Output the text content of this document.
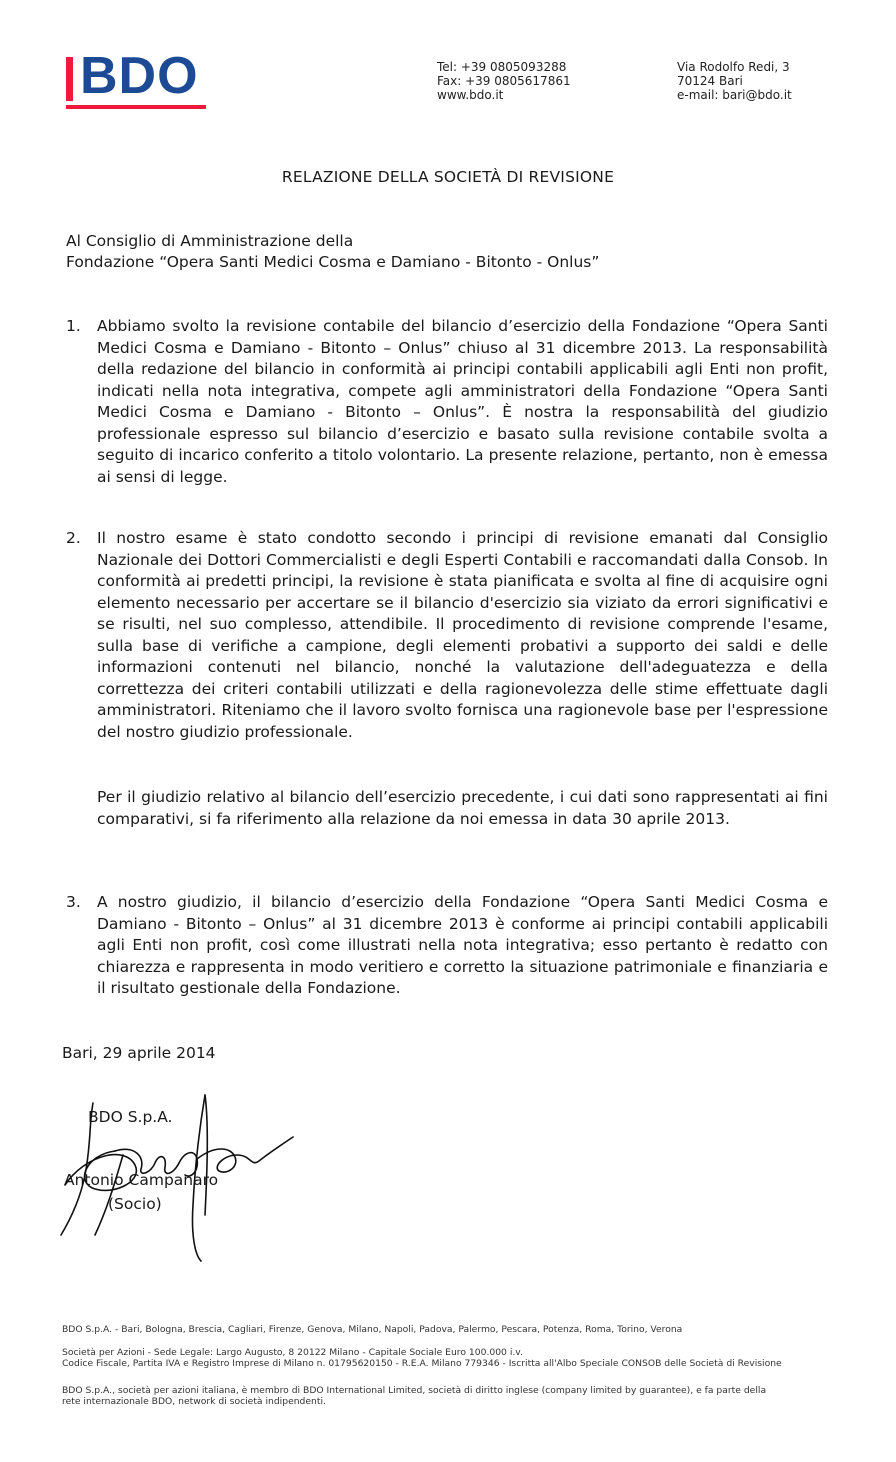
BDO	Tel: +39 0805093288
Fax: +39 0805617861
www.bdo.it
Via Rodolfo Redi, 3
70124 Bari
e-mail: bari@bdo.it
RELAZIONE DELLA SOCIETÀ DI REVISIONE
Al Consiglio di Amministrazione della
Fondazione “Opera Santi Medici Cosma e Damiano - Bitonto - Onlus”
1. Abbiamo svolto la revisione contabile del bilancio d’esercizio della Fondazione “Opera Santi Medici Cosma e Damiano - Bitonto – Onlus” chiuso al 31 dicembre 2013. La responsabilità della redazione del bilancio in conformità ai principi contabili applicabili agli Enti non profit, indicati nella nota integrativa, compete agli amministratori della Fondazione “Opera Santi Medici Cosma e Damiano - Bitonto – Onlus”. È nostra la responsabilità del giudizio professionale espresso sul bilancio d’esercizio e basato sulla revisione contabile svolta a seguito di incarico conferito a titolo volontario. La presente relazione, pertanto, non è emessa ai sensi di legge.
2. Il nostro esame è stato condotto secondo i principi di revisione emanati dal Consiglio Nazionale dei Dottori Commercialisti e degli Esperti Contabili e raccomandati dalla Consob. In conformità ai predetti principi, la revisione è stata pianificata e svolta al fine di acquisire ogni elemento necessario per accertare se il bilancio d'esercizio sia viziato da errori significativi e se risulti, nel suo complesso, attendibile. Il procedimento di revisione comprende l'esame, sulla base di verifiche a campione, degli elementi probativi a supporto dei saldi e delle informazioni contenuti nel bilancio, nonché la valutazione dell'adeguatezza e della correttezza dei criteri contabili utilizzati e della ragionevolezza delle stime effettuate dagli amministratori. Riteniamo che il lavoro svolto fornisca una ragionevole base per l'espressione del nostro giudizio professionale.
Per il giudizio relativo al bilancio dell’esercizio precedente, i cui dati sono rappresentati ai fini comparativi, si fa riferimento alla relazione da noi emessa in data 30 aprile 2013.
3. A nostro giudizio, il bilancio d’esercizio della Fondazione “Opera Santi Medici Cosma e Damiano - Bitonto – Onlus” al 31 dicembre 2013 è conforme ai principi contabili applicabili agli Enti non profit, così come illustrati nella nota integrativa; esso pertanto è redatto con chiarezza e rappresenta in modo veritiero e corretto la situazione patrimoniale e finanziaria e il risultato gestionale della Fondazione.
Bari, 29 aprile 2014
BDO S.p.A.
Antonio Campanaro
(Socio)
BDO S.p.A. - Bari, Bologna, Brescia, Cagliari, Firenze, Genova, Milano, Napoli, Padova, Palermo, Pescara, Potenza, Roma, Torino, Verona
Società per Azioni - Sede Legale: Largo Augusto, 8 20122 Milano - Capitale Sociale Euro 100.000 i.v.
Codice Fiscale, Partita IVA e Registro Imprese di Milano n. 01795620150 - R.E.A. Milano 779346 - Iscritta all'Albo Speciale CONSOB delle Società di Revisione
BDO S.p.A., società per azioni italiana, è membro di BDO International Limited, società di diritto inglese (company limited by guarantee), e fa parte della
rete internazionale BDO, network di società indipendenti.
